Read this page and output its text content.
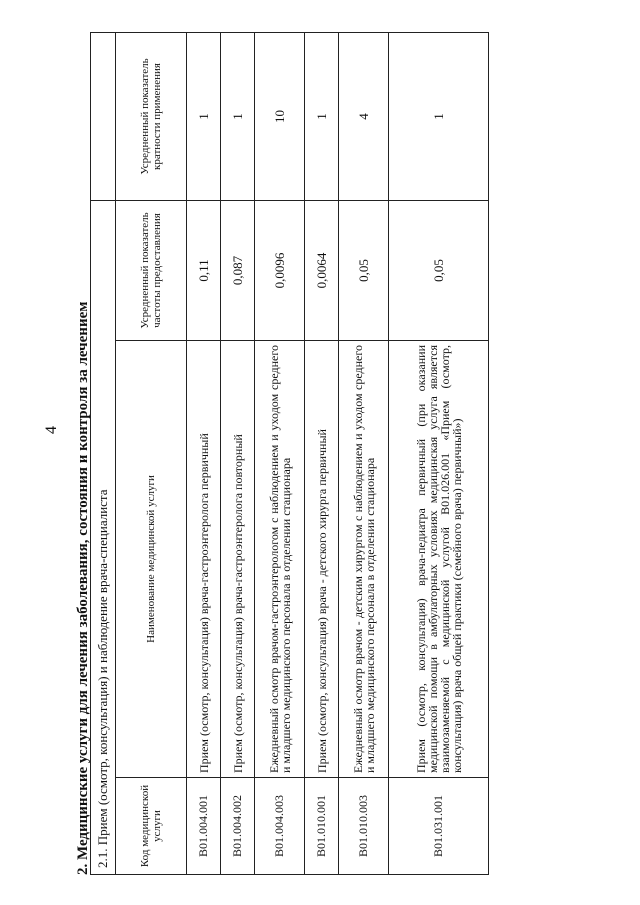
4	2. Медицинские услуги для лечения заболевания, состояния и контроля за лечением 2.1. Прием (осмотр, консультация) и наблюдение врача-специалиста			
Код медицинской услуги	Наименование медицинской услуги	Усредненный показатель частоты предоставления	Усредненный показатель кратности применения
B01.004.001	Прием (осмотр, консультация) врача-гастроэнтеролога первичный	0,11	1
B01.004.002	Прием (осмотр, консультация) врача-гастроэнтеролога повторный	0,087	1
B01.004.003	Ежедневный осмотр врачом-гастроэнтерологом с наблюдением и уходом среднего и младшего медицинского персонала в отделении стационара	0,0096	10
B01.010.001	Прием (осмотр, консультация) врача - детского хирурга первичный	0,0064	1
B01.010.003	Ежедневный осмотр врачом - детским хирургом с наблюдением и уходом среднего и младшего медицинского персонала в отделении стационара	0,05	4
B01.031.001	Прием (осмотр, консультация) врача-педиатра первичный (при оказании медицинской помощи в амбулаторных условиях медицинская услуга является взаимозаменяемой с медицинской услугой B01.026.001 «Прием (осмотр, консультация) врача общей практики (семейного врача) первичный»)	0,05	1
